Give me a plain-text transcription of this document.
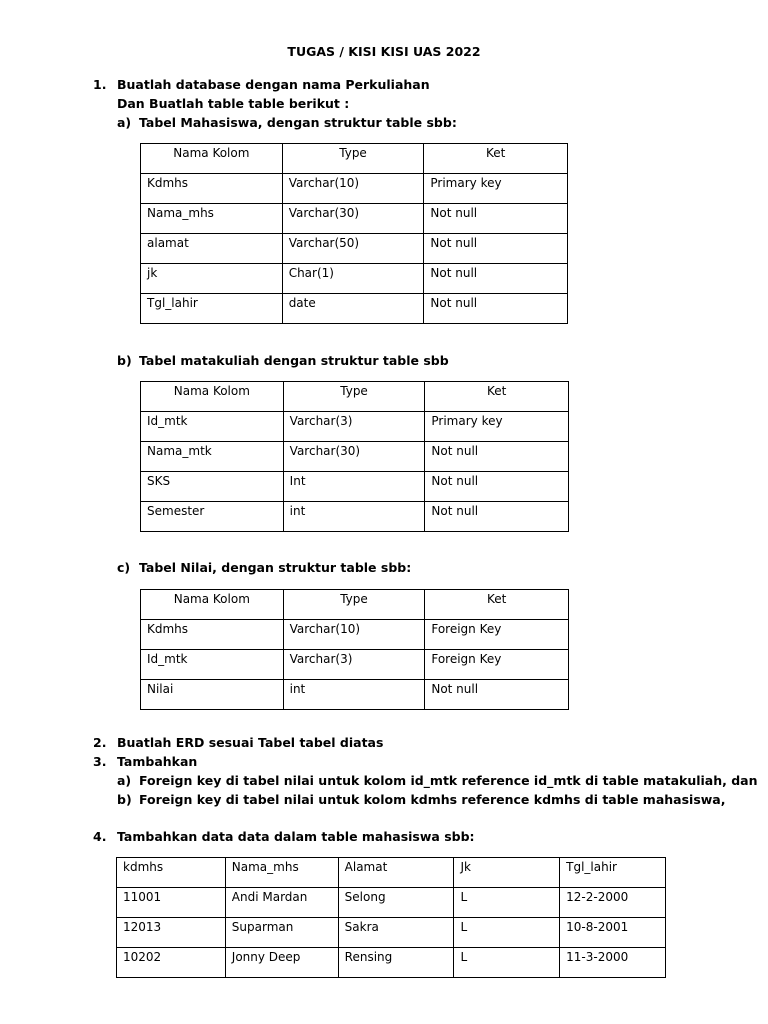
TUGAS / KISI KISI UAS 2022
1. Buatlah database dengan nama Perkuliahan
Dan Buatlah table table berikut :
a) Tabel Mahasiswa, dengan struktur table sbb:
Nama Kolom	Type	Ket
Kdmhs	Varchar(10)	Primary key
Nama_mhs	Varchar(30)	Not null
alamat	Varchar(50)	Not null
jk	Char(1)	Not null
Tgl_lahir	date	Not null
b) Tabel matakuliah dengan struktur table sbb
Nama Kolom	Type	Ket
Id_mtk	Varchar(3)	Primary key
Nama_mtk	Varchar(30)	Not null
SKS	Int	Not null
Semester	int	Not null
c) Tabel Nilai, dengan struktur table sbb:
Nama Kolom	Type	Ket
Kdmhs	Varchar(10)	Foreign Key
Id_mtk	Varchar(3)	Foreign Key
Nilai	int	Not null
2. Buatlah ERD sesuai Tabel tabel diatas
3. Tambahkan
a) Foreign key di tabel nilai untuk kolom id_mtk reference id_mtk di table matakuliah, dan
b) Foreign key di tabel nilai untuk kolom kdmhs reference kdmhs di table mahasiswa,
4. Tambahkan data data dalam table mahasiswa sbb:
kdmhs	Nama_mhs	Alamat	Jk	Tgl_lahir
11001	Andi Mardan	Selong	L	12-2-2000
12013	Suparman	Sakra	L	10-8-2001
10202	Jonny Deep	Rensing	L	11-3-2000
